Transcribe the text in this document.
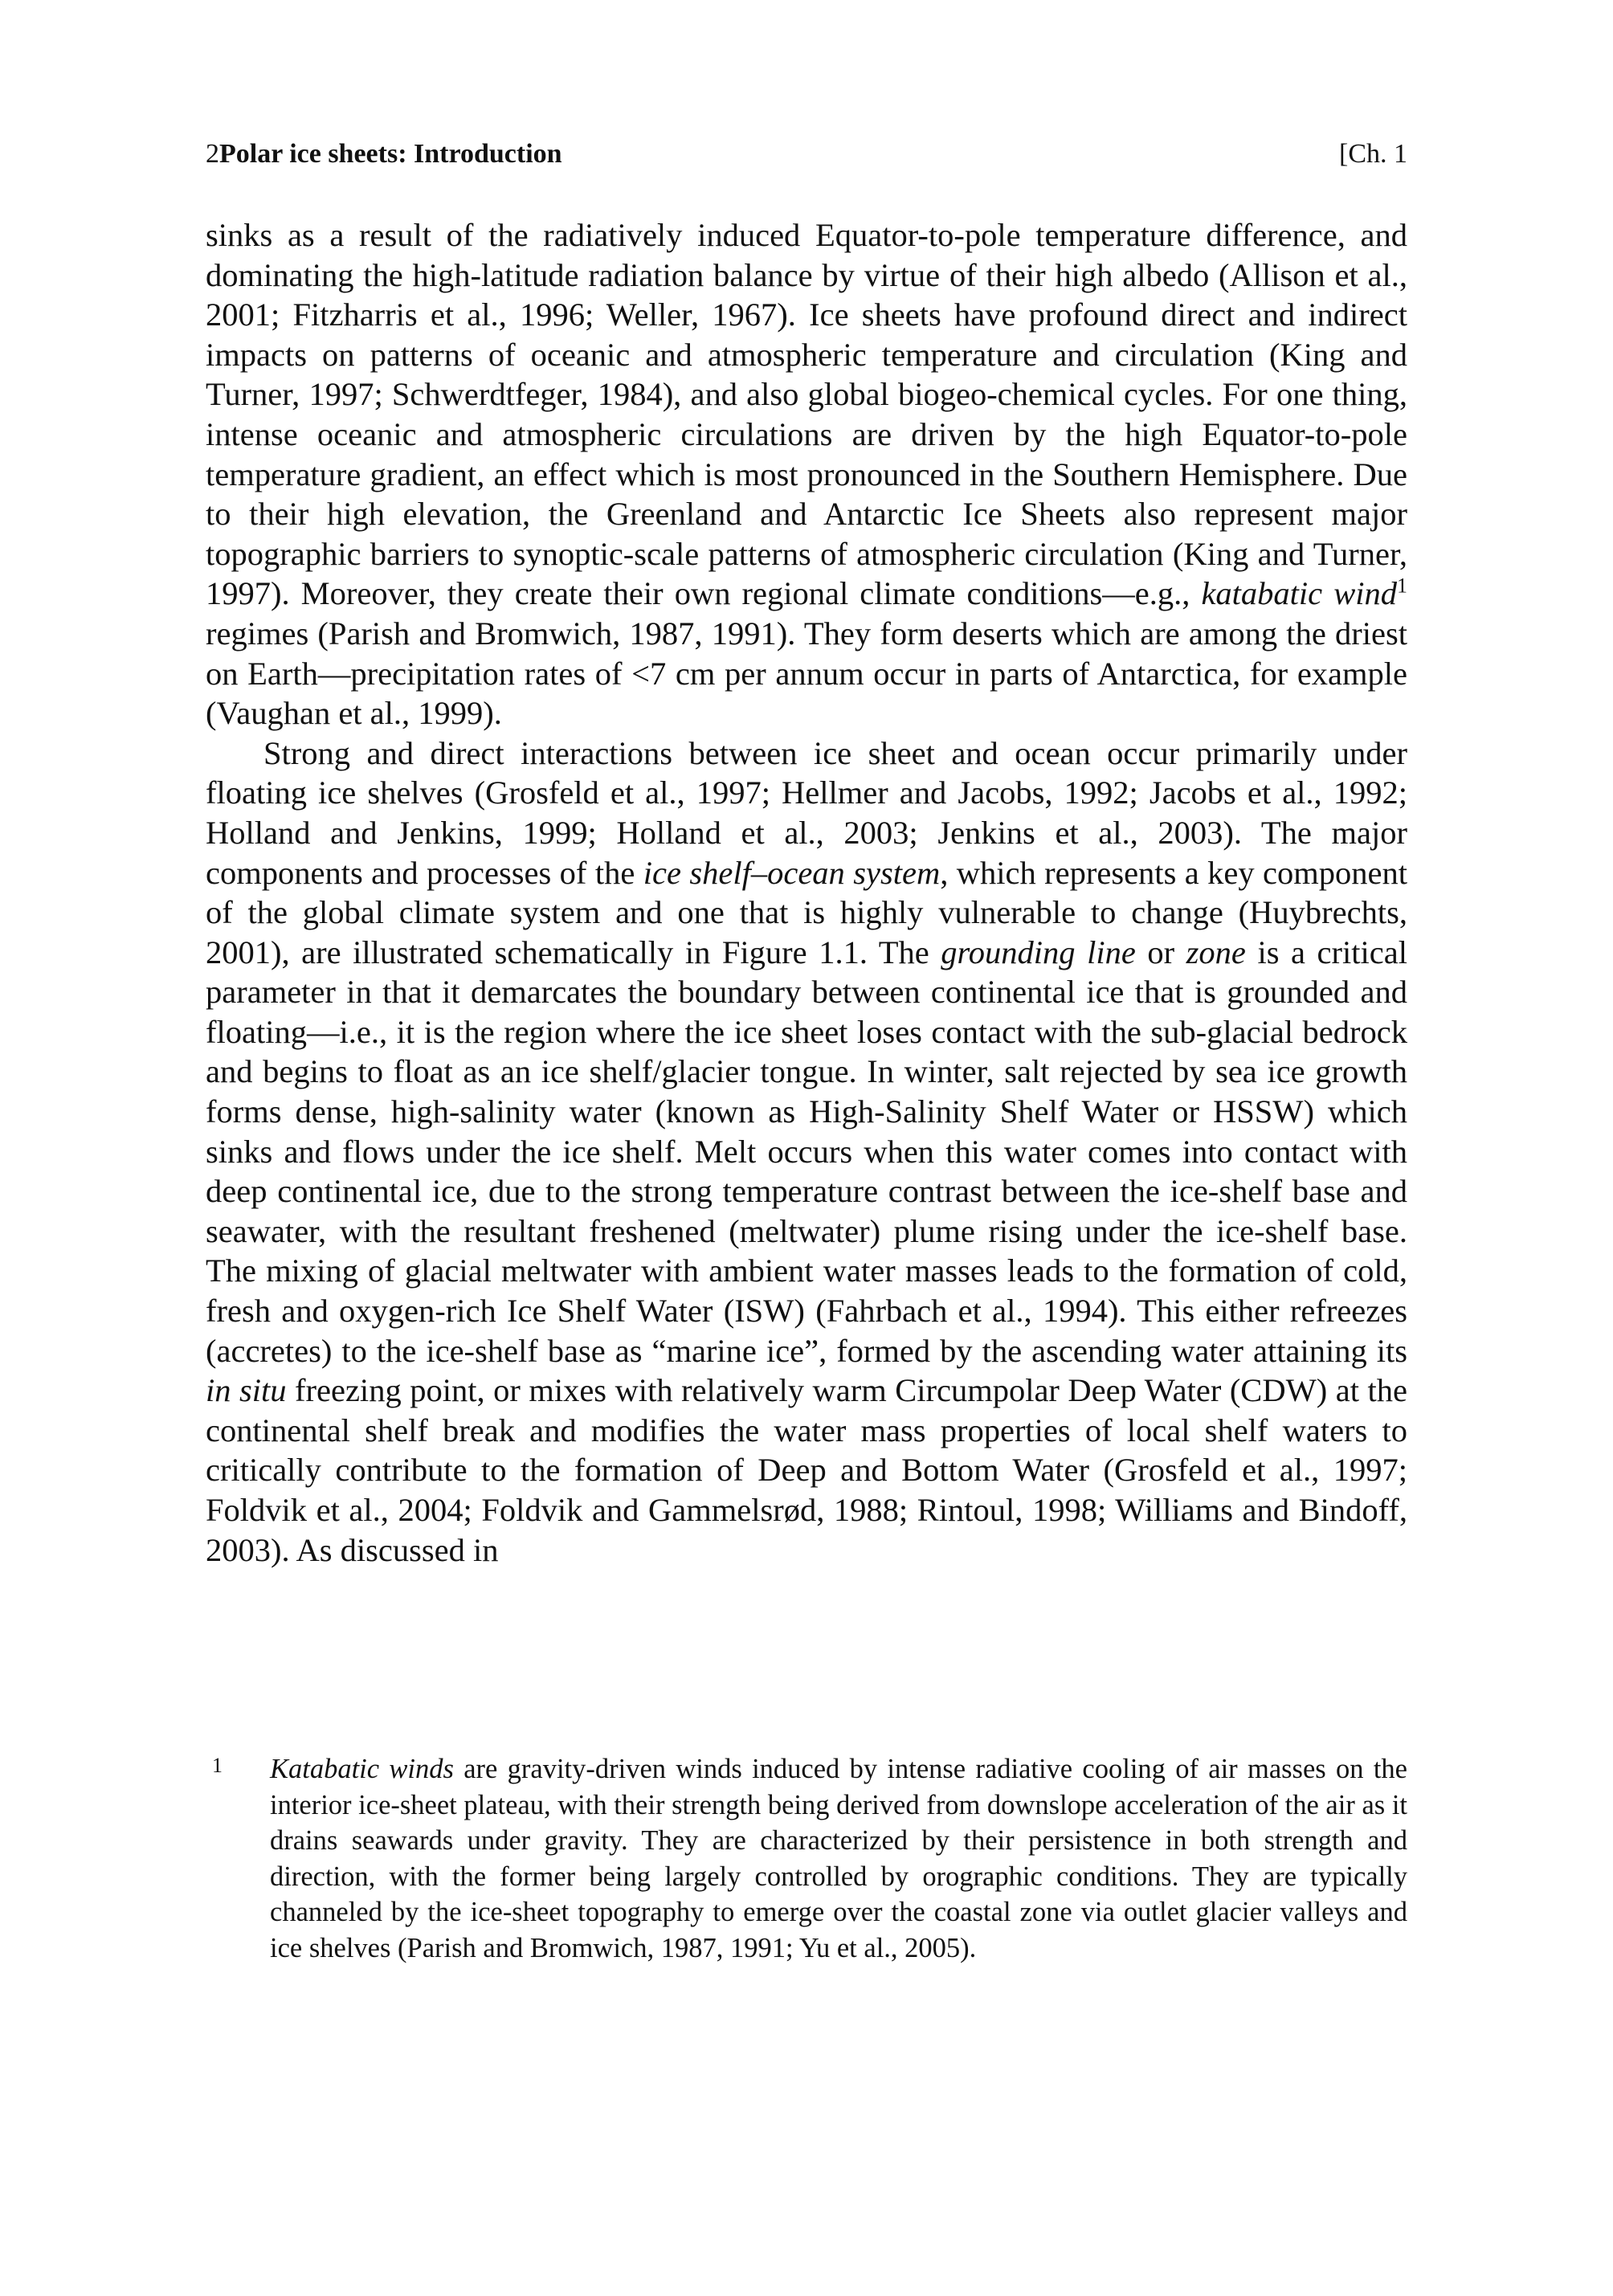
2Polar ice sheets: Introduction	[Ch. 1

sinks as a result of the radiatively induced Equator-to-pole temperature difference, and dominating the high-latitude radiation balance by virtue of their high albedo (Allison et al., 2001; Fitzharris et al., 1996; Weller, 1967). Ice sheets have profound direct and indirect impacts on patterns of oceanic and atmospheric temperature and circulation (King and Turner, 1997; Schwerdtfeger, 1984), and also global biogeo-chemical cycles. For one thing, intense oceanic and atmospheric circulations are driven by the high Equator-to-pole temperature gradient, an effect which is most pronounced in the Southern Hemisphere. Due to their high elevation, the Greenland and Antarctic Ice Sheets also represent major topographic barriers to synoptic-scale patterns of atmospheric circulation (King and Turner, 1997). Moreover, they create their own regional climate conditions—e.g., katabatic wind$^1$ regimes (Parish and Bromwich, 1987, 1991). They form deserts which are among the driest on Earth—precipitation rates of <7 cm per annum occur in parts of Antarctica, for example (Vaughan et al., 1999).

Strong and direct interactions between ice sheet and ocean occur primarily under floating ice shelves (Grosfeld et al., 1997; Hellmer and Jacobs, 1992; Jacobs et al., 1992; Holland and Jenkins, 1999; Holland et al., 2003; Jenkins et al., 2003). The major components and processes of the ice shelf–ocean system, which represents a key component of the global climate system and one that is highly vulnerable to change (Huybrechts, 2001), are illustrated schematically in Figure 1.1. The grounding line or zone is a critical parameter in that it demarcates the boundary between continental ice that is grounded and floating—i.e., it is the region where the ice sheet loses contact with the sub-glacial bedrock and begins to float as an ice shelf/glacier tongue. In winter, salt rejected by sea ice growth forms dense, high-salinity water (known as High-Salinity Shelf Water or HSSW) which sinks and flows under the ice shelf. Melt occurs when this water comes into contact with deep continental ice, due to the strong temperature contrast between the ice-shelf base and seawater, with the resultant freshened (meltwater) plume rising under the ice-shelf base. The mixing of glacial meltwater with ambient water masses leads to the formation of cold, fresh and oxygen-rich Ice Shelf Water (ISW) (Fahrbach et al., 1994). This either refreezes (accretes) to the ice-shelf base as “marine ice”, formed by the ascending water attaining its in situ freezing point, or mixes with relatively warm Circumpolar Deep Water (CDW) at the continental shelf break and modifies the water mass properties of local shelf waters to critically contribute to the formation of Deep and Bottom Water (Grosfeld et al., 1997; Foldvik et al., 2004; Foldvik and Gammelsrød, 1988; Rintoul, 1998; Williams and Bindoff, 2003). As discussed in

1 Katabatic winds are gravity-driven winds induced by intense radiative cooling of air masses on the interior ice-sheet plateau, with their strength being derived from downslope acceleration of the air as it drains seawards under gravity. They are characterized by their persistence in both strength and direction, with the former being largely controlled by orographic conditions. They are typically channeled by the ice-sheet topography to emerge over the coastal zone via outlet glacier valleys and ice shelves (Parish and Bromwich, 1987, 1991; Yu et al., 2005).
